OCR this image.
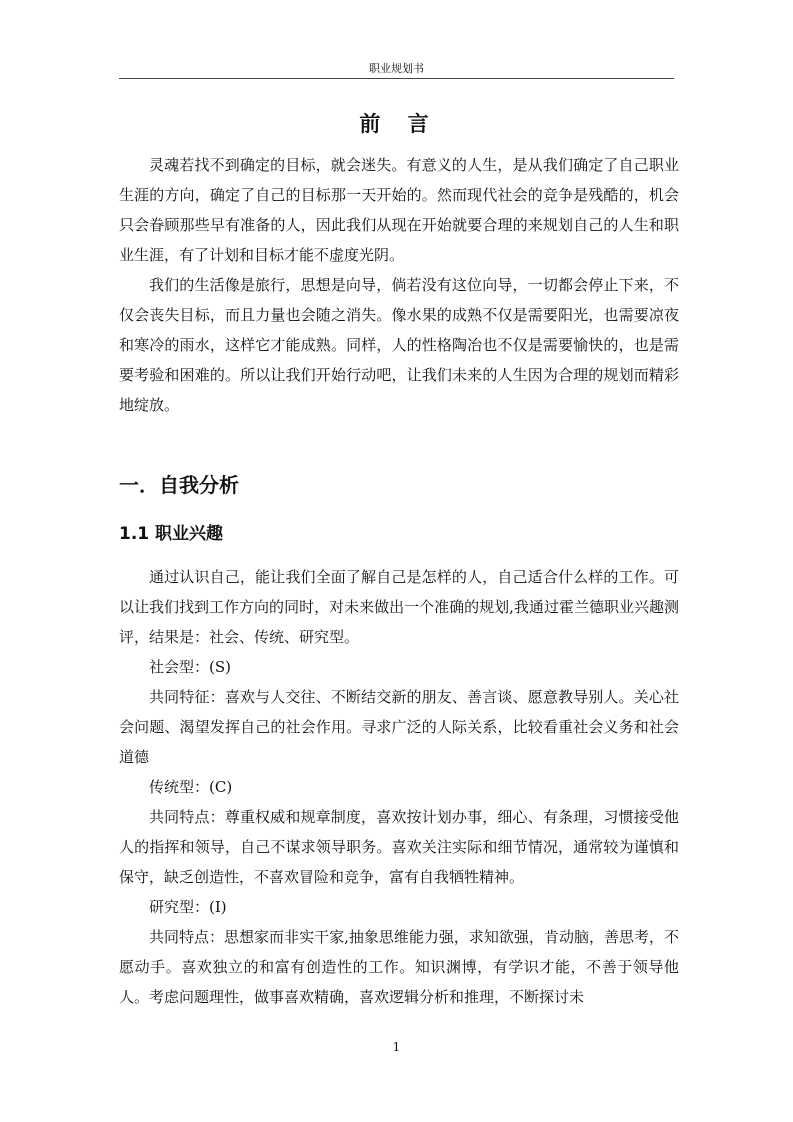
职业规划书
前 言

灵魂若找不到确定的目标，就会迷失。有意义的人生，是从我们确定了自己职业生涯的方向，确定了自己的目标那一天开始的。然而现代社会的竞争是残酷的，机会只会眷顾那些早有准备的人，因此我们从现在开始就要合理的来规划自己的人生和职业生涯，有了计划和目标才能不虚度光阴。

我们的生活像是旅行，思想是向导，倘若没有这位向导，一切都会停止下来，不仅会丧失目标，而且力量也会随之消失。像水果的成熟不仅是需要阳光，也需要凉夜和寒冷的雨水，这样它才能成熟。同样，人的性格陶冶也不仅是需要愉快的，也是需要考验和困难的。所以让我们开始行动吧，让我们未来的人生因为合理的规划而精彩地绽放。

一．自我分析
1.1 职业兴趣

通过认识自己，能让我们全面了解自己是怎样的人，自己适合什么样的工作。可以让我们找到工作方向的同时，对未来做出一个准确的规划,我通过霍兰德职业兴趣测评，结果是：社会、传统、研究型。

社会型：(S)

共同特征：喜欢与人交往、不断结交新的朋友、善言谈、愿意教导别人。关心社会问题、渴望发挥自己的社会作用。寻求广泛的人际关系，比较看重社会义务和社会道德

传统型：(C)

共同特点：尊重权威和规章制度，喜欢按计划办事，细心、有条理，习惯接受他人的指挥和领导，自己不谋求领导职务。喜欢关注实际和细节情况，通常较为谨慎和保守，缺乏创造性，不喜欢冒险和竞争，富有自我牺牲精神。

研究型：(I)

共同特点：思想家而非实干家,抽象思维能力强，求知欲强，肯动脑，善思考，不愿动手。喜欢独立的和富有创造性的工作。知识渊博，有学识才能，不善于领导他人。考虑问题理性，做事喜欢精确，喜欢逻辑分析和推理，不断探讨未

1
